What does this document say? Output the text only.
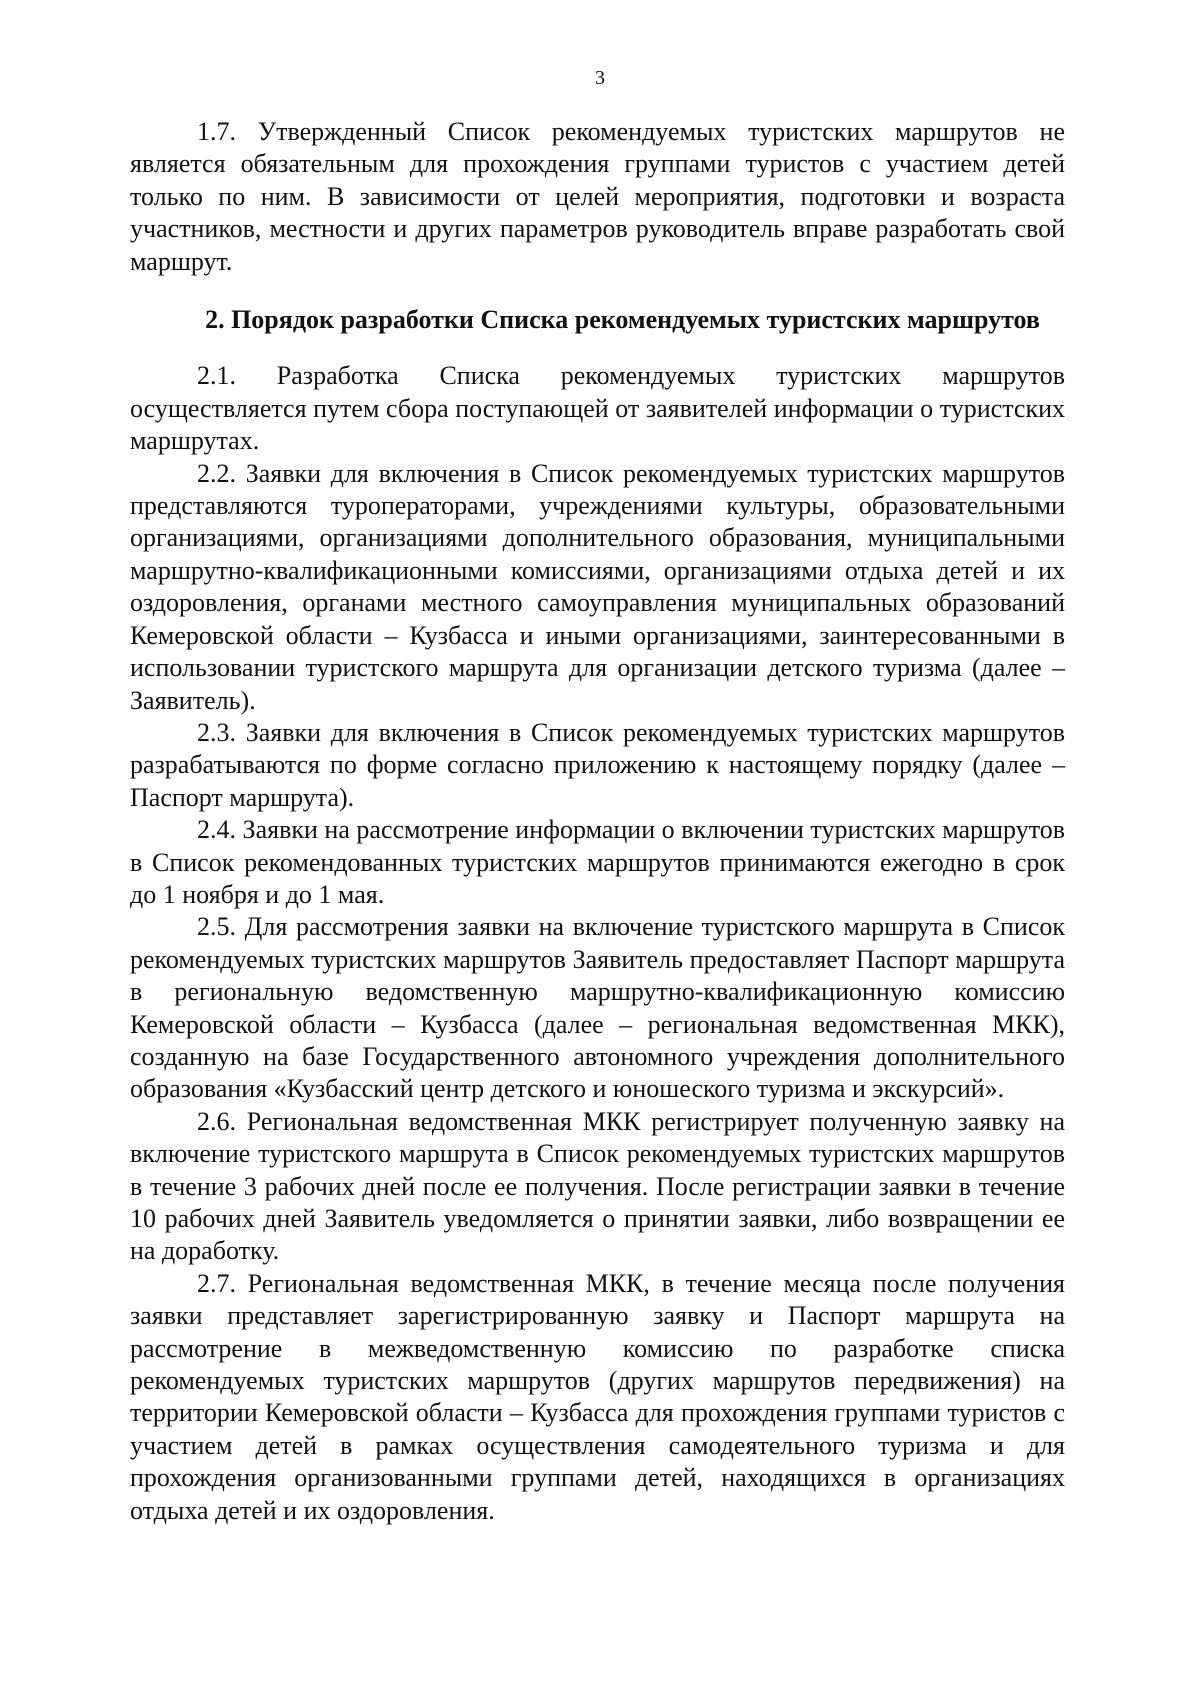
3

1.7. Утвержденный Список рекомендуемых туристских маршрутов не является обязательным для прохождения группами туристов с участием детей только по ним. В зависимости от целей мероприятия, подготовки и возраста участников, местности и других параметров руководитель вправе разработать свой маршрут.

2. Порядок разработки Списка рекомендуемых туристских маршрутов

2.1. Разработка Списка рекомендуемых туристских маршрутов осуществляется путем сбора поступающей от заявителей информации о туристских маршрутах.

2.2. Заявки для включения в Список рекомендуемых туристских маршрутов представляются туроператорами, учреждениями культуры, образовательными организациями, организациями дополнительного образования, муниципальными маршрутно-квалификационными комиссиями, организациями отдыха детей и их оздоровления, органами местного самоуправления муниципальных образований Кемеровской области – Кузбасса и иными организациями, заинтересованными в использовании туристского маршрута для организации детского туризма (далее – Заявитель).

2.3. Заявки для включения в Список рекомендуемых туристских маршрутов разрабатываются по форме согласно приложению к настоящему порядку (далее – Паспорт маршрута).

2.4. Заявки на рассмотрение информации о включении туристских маршрутов в Список рекомендованных туристских маршрутов принимаются ежегодно в срок до 1 ноября и до 1 мая.

2.5. Для рассмотрения заявки на включение туристского маршрута в Список рекомендуемых туристских маршрутов Заявитель предоставляет Паспорт маршрута в региональную ведомственную маршрутно-квалификационную комиссию Кемеровской области – Кузбасса (далее – региональная ведомственная МКК), созданную на базе Государственного автономного учреждения дополнительного образования «Кузбасский центр детского и юношеского туризма и экскурсий».

2.6. Региональная ведомственная МКК регистрирует полученную заявку на включение туристского маршрута в Список рекомендуемых туристских маршрутов в течение 3 рабочих дней после ее получения. После регистрации заявки в течение 10 рабочих дней Заявитель уведомляется о принятии заявки, либо возвращении ее на доработку.

2.7. Региональная ведомственная МКК, в течение месяца после получения заявки представляет зарегистрированную заявку и Паспорт маршрута на рассмотрение в межведомственную комиссию по разработке списка рекомендуемых туристских маршрутов (других маршрутов передвижения) на территории Кемеровской области – Кузбасса для прохождения группами туристов с участием детей в рамках осуществления самодеятельного туризма и для прохождения организованными группами детей, находящихся в организациях отдыха детей и их оздоровления.
